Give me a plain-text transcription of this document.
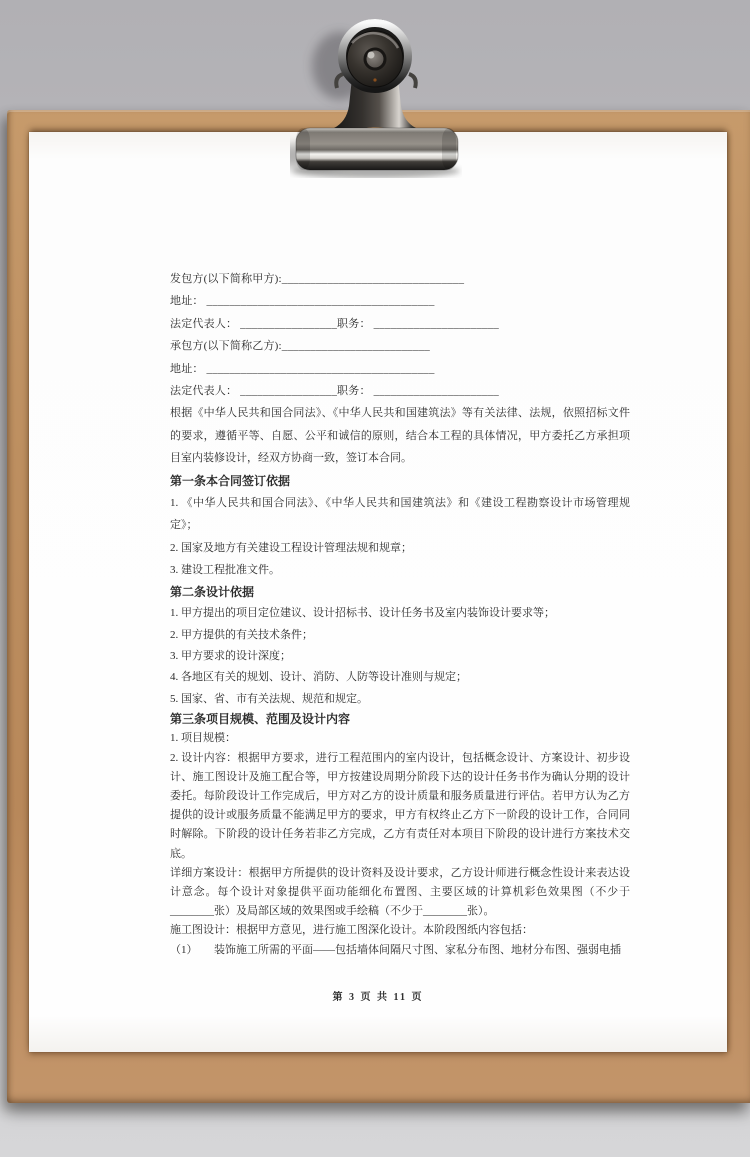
发包方(以下简称甲方):________________________________

地址： ________________________________________

法定代表人： _________________职务： ______________________

承包方(以下简称乙方):__________________________

地址： ________________________________________

法定代表人： _________________职务： ______________________

根据《中华人民共和国合同法》、《中华人民共和国建筑法》等有关法律、法规，依照招标文件的要求，遵循平等、自愿、公平和诚信的原则，结合本工程的具体情况，甲方委托乙方承担项目室内装修设计，经双方协商一致，签订本合同。

第一条本合同签订依据

1. 《中华人民共和国合同法》、《中华人民共和国建筑法》和《建设工程勘察设计市场管理规定》；

2. 国家及地方有关建设工程设计管理法规和规章；

3. 建设工程批准文件。

第二条设计依据

1. 甲方提出的项目定位建议、设计招标书、设计任务书及室内装饰设计要求等；

2. 甲方提供的有关技术条件；

3. 甲方要求的设计深度；

4. 各地区有关的规划、设计、消防、人防等设计准则与规定；

5. 国家、省、市有关法规、规范和规定。

第三条项目规模、范围及设计内容

1. 项目规模：

2. 设计内容：根据甲方要求，进行工程范围内的室内设计，包括概念设计、方案设计、初步设计、施工图设计及施工配合等，甲方按建设周期分阶段下达的设计任务书作为确认分期的设计委托。每阶段设计工作完成后，甲方对乙方的设计质量和服务质量进行评估。若甲方认为乙方提供的设计或服务质量不能满足甲方的要求，甲方有权终止乙方下一阶段的设计工作，合同同时解除。下阶段的设计任务若非乙方完成，乙方有责任对本项目下阶段的设计进行方案技术交底。

详细方案设计：根据甲方所提供的设计资料及设计要求，乙方设计师进行概念性设计来表达设计意念。每个设计对象提供平面功能细化布置图、主要区域的计算机彩色效果图（不少于________张）及局部区域的效果图或手绘稿（不少于________张）。

施工图设计：根据甲方意见，进行施工图深化设计。本阶段图纸内容包括：

（1）　　装饰施工所需的平面——包括墙体间隔尺寸图、家私分布图、地材分布图、强弱电插

第 3 页 共 11 页
